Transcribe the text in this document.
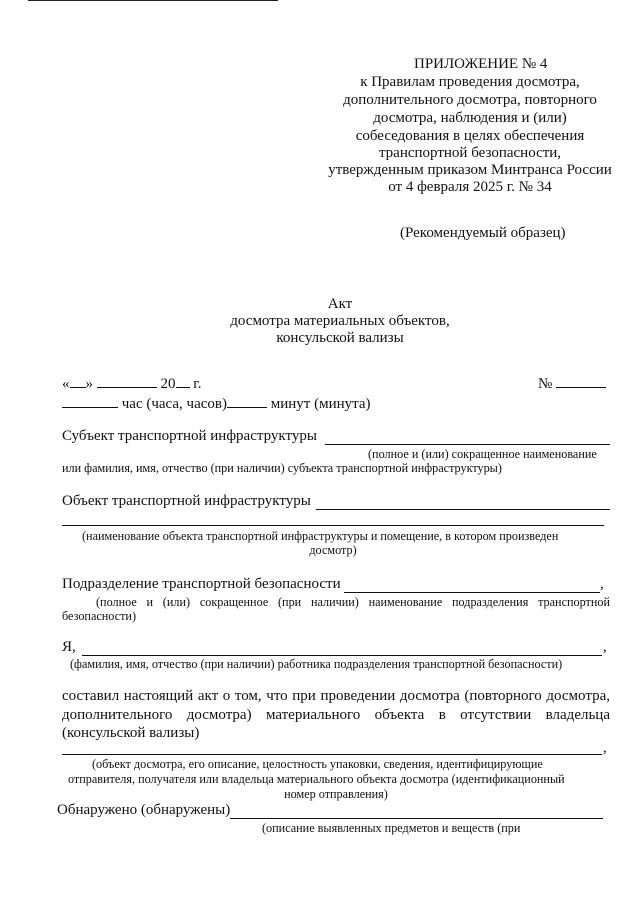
ПРИЛОЖЕНИЕ № 4
к Правилам проведения досмотра,
дополнительного досмотра, повторного
досмотра, наблюдения и (или)
собеседования в целях обеспечения
транспортной безопасности,
утвержденным приказом Минтранса России
от 4 февраля 2025 г. № 34
(Рекомендуемый образец)
Акт
досмотра материальных объектов,
консульской вализы
« »	20 г.	№
час (часа, часов)	минут (минута)
Субъект транспортной инфраструктуры
(полное и (или) сокращенное наименование
или фамилия, имя, отчество (при наличии) субъекта транспортной инфраструктуры)
Объект транспортной инфраструктуры
(наименование объекта транспортной инфраструктуры и помещение, в котором произведен
досмотр)
Подразделение транспортной безопасности	,
(полное и (или) сокращенное (при наличии) наименование подразделения транспортной
безопасности)
Я,	,
(фамилия, имя, отчество (при наличии) работника подразделения транспортной безопасности)
составил настоящий акт о том, что при проведении досмотра (повторного досмотра,
дополнительного досмотра) материального объекта в отсутствии владельца
(консульской вализы)
,
(объект досмотра, его описание, целостность упаковки, сведения, идентифицирующие
отправителя, получателя или владельца материального объекта досмотра (идентификационный
номер отправления)
Обнаружено (обнаружены)
(описание выявленных предметов и веществ (при
